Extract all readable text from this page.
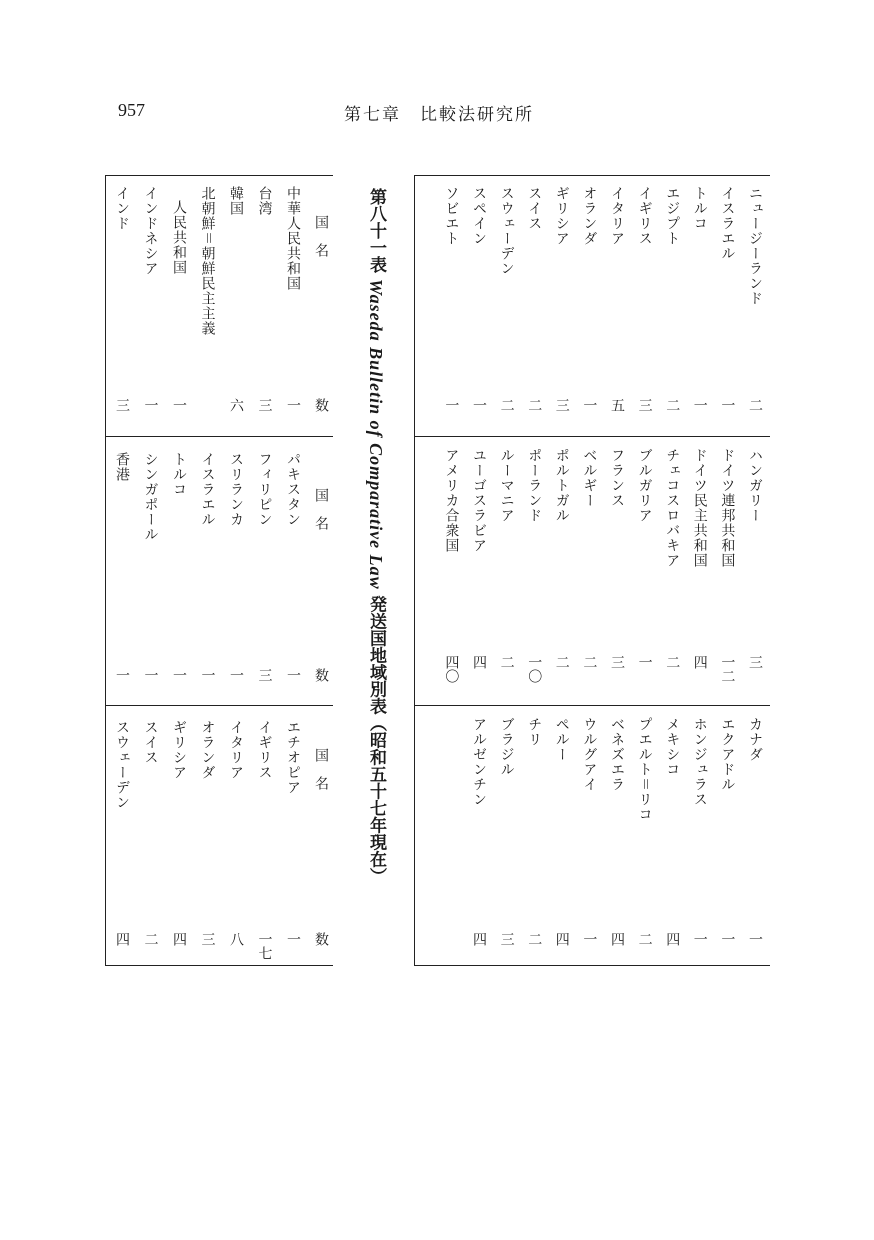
957	第七章　比較法研究所
第八十一表 Waseda Bulletin of Comparative Law 発送国地域別表（昭和五十七年現在）
国　名
数
国　名
数
国　名
数
ニュージーランド
イスラエル
トルコ
エジプト
イギリス
イタリア
オランダ
ギリシア
スイス
スウェーデン
スペイン
ソビエト
二
一
一
二
三
五
一
三
二
二
一
一
ハンガリー
ドイツ連邦共和国
ドイツ民主共和国
チェコスロバキア
ブルガリア
フランス
ベルギー
ポルトガル
ポーランド
ルーマニア
ユーゴスラビア
アメリカ合衆国
三
一二
四
二
一
三
二
二
一〇
二
四
四〇
カナダ
エクアドル
ホンジュラス
メキシコ
プエルト＝リコ
ベネズエラ
ウルグアイ
ペルー
チリ
ブラジル
アルゼンチン
一
一
一
四
二
四
一
四
二
三
四
中華人民共和国
台湾
韓国
北朝鮮＝朝鮮民主主義
人民共和国
インドネシア
インド
一
三
六
一
一
三
パキスタン
フィリピン
スリランカ
イスラエル
トルコ
シンガポール
香港
一
三
一
一
一
一
一
エチオピア
イギリス
イタリア
オランダ
ギリシア
スイス
スウェーデン
一
一七
八
三
四
二
四
